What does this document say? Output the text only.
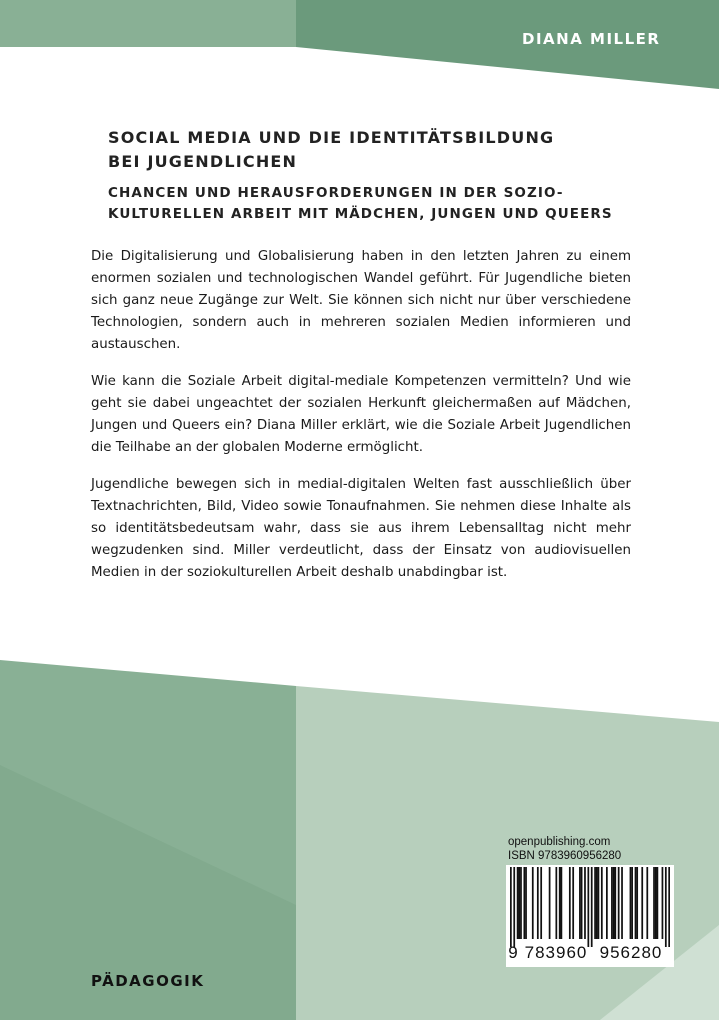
DIANA MILLER
SOCIAL MEDIA UND DIE IDENTITÄTSBILDUNG
BEI JUGENDLICHEN
CHANCEN UND HERAUSFORDERUNGEN IN DER SOZIO-
KULTURELLEN ARBEIT MIT MÄDCHEN, JUNGEN UND QUEERS

Die Digitalisierung und Globalisierung haben in den letzten Jahren zu einem enormen sozialen und technologischen Wandel geführt. Für Jugendliche bieten sich ganz neue Zugänge zur Welt. Sie können sich nicht nur über verschiedene Technologien, sondern auch in mehreren sozialen Medien informieren und austauschen.

Wie kann die Soziale Arbeit digital-mediale Kompetenzen vermitteln? Und wie geht sie dabei ungeachtet der sozialen Herkunft gleichermaßen auf Mädchen, Jungen und Queers ein? Diana Miller erklärt, wie die Soziale Arbeit Jugendlichen die Teilhabe an der globalen Moderne ermöglicht.

Jugendliche bewegen sich in medial-digitalen Welten fast ausschließlich über Textnachrichten, Bild, Video sowie Tonaufnahmen. Sie nehmen diese Inhalte als so identitätsbedeutsam wahr, dass sie aus ihrem Lebensalltag nicht mehr wegzudenken sind. Miller verdeutlicht, dass der Einsatz von audiovisuellen Medien in der soziokulturellen Arbeit deshalb unabdingbar ist.

openpublishing.com
ISBN 9783960956280
9 783960 956280
PÄDAGOGIK
